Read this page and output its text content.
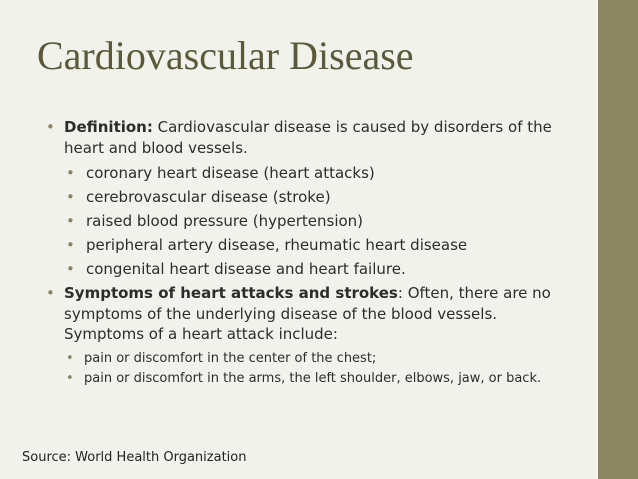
Cardiovascular Disease
• Definition: Cardiovascular disease is caused by disorders of the heart and blood vessels.
• coronary heart disease (heart attacks)
• cerebrovascular disease (stroke)
• raised blood pressure (hypertension)
• peripheral artery disease, rheumatic heart disease
• congenital heart disease and heart failure.
• Symptoms of heart attacks and strokes: Often, there are no symptoms of the underlying disease of the blood vessels. Symptoms of a heart attack include:
• pain or discomfort in the center of the chest;
• pain or discomfort in the arms, the left shoulder, elbows, jaw, or back.
Source: World Health Organization
